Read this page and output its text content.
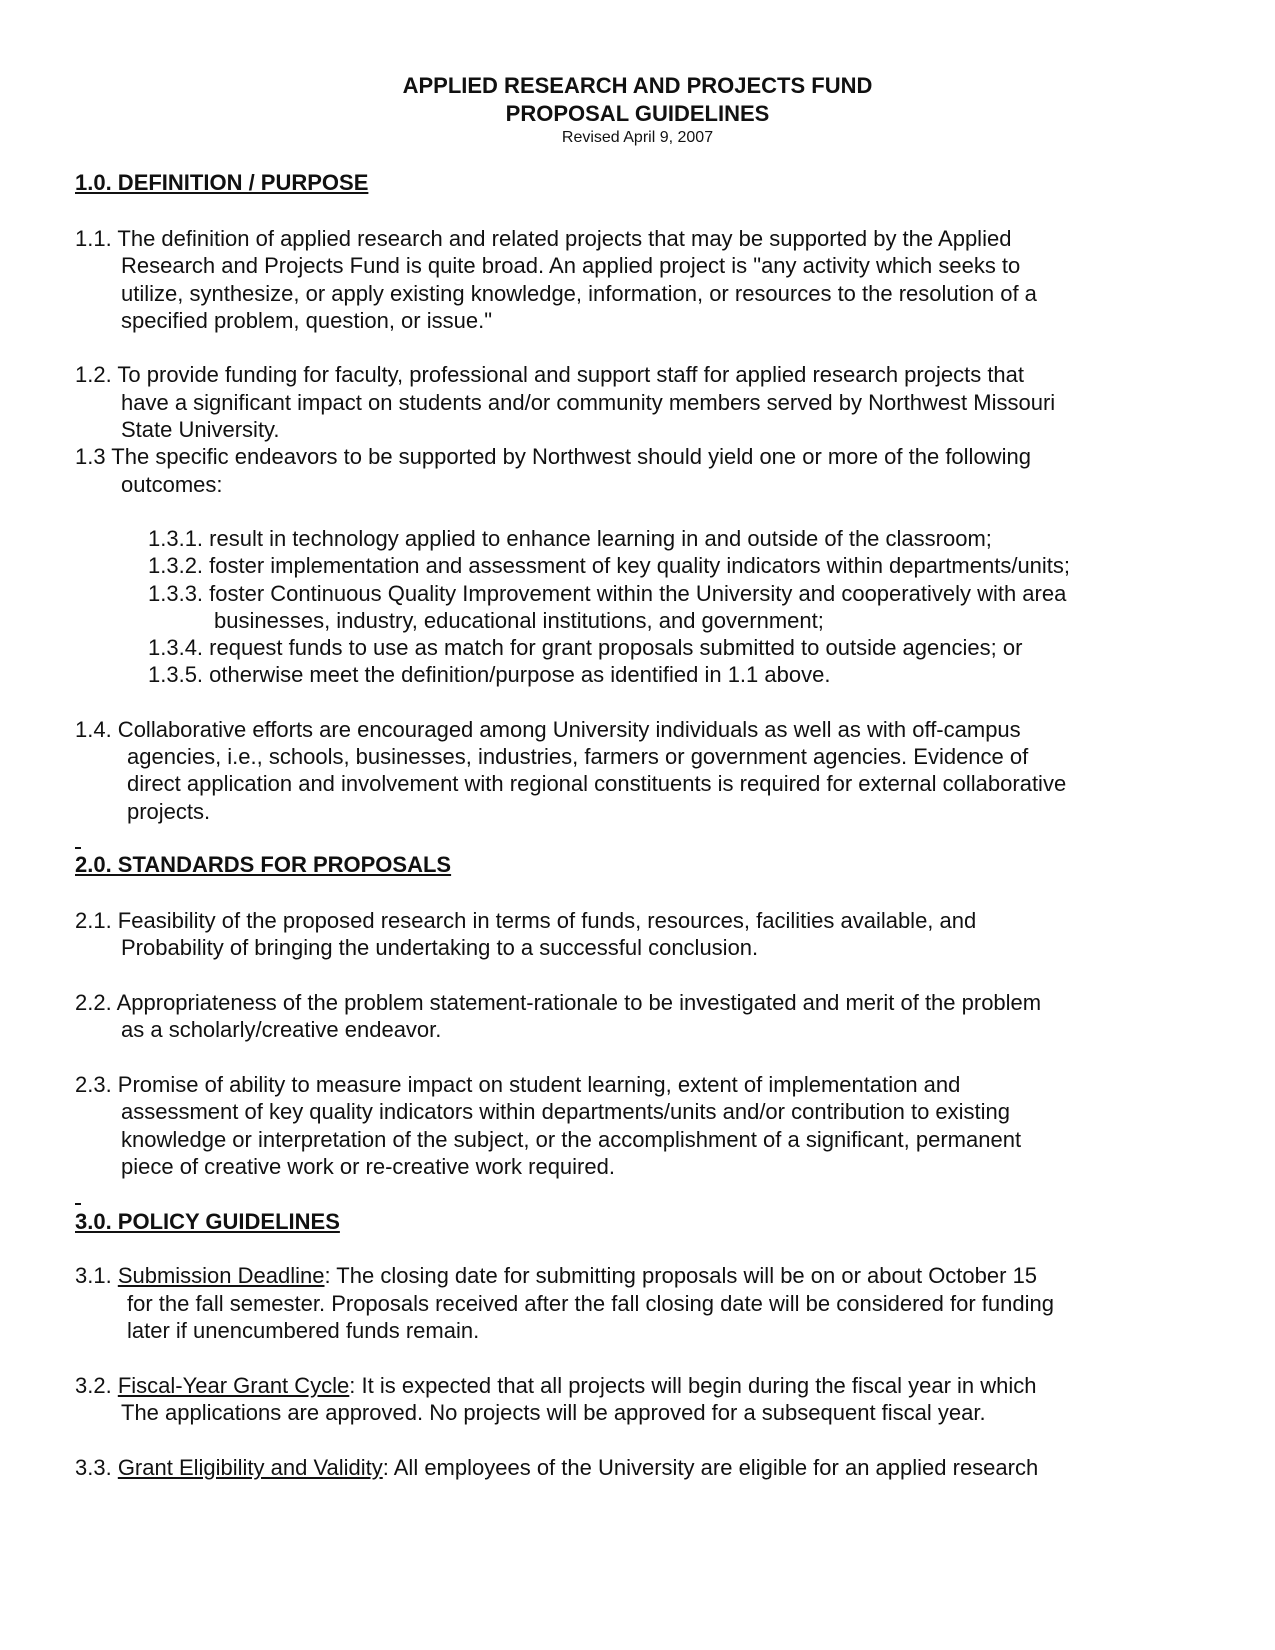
APPLIED RESEARCH AND PROJECTS FUND
PROPOSAL GUIDELINES
Revised April 9, 2007
1.0. DEFINITION / PURPOSE
1.1. The definition of applied research and related projects that may be supported by the Applied
Research and Projects Fund is quite broad. An applied project is "any activity which seeks to
utilize, synthesize, or apply existing knowledge, information, or resources to the resolution of a
specified problem, question, or issue."
1.2. To provide funding for faculty, professional and support staff for applied research projects that
have a significant impact on students and/or community members served by Northwest Missouri
State University.
1.3 The specific endeavors to be supported by Northwest should yield one or more of the following
outcomes:
1.3.1. result in technology applied to enhance learning in and outside of the classroom;
1.3.2. foster implementation and assessment of key quality indicators within departments/units;
1.3.3. foster Continuous Quality Improvement within the University and cooperatively with area
businesses, industry, educational institutions, and government;
1.3.4. request funds to use as match for grant proposals submitted to outside agencies; or
1.3.5. otherwise meet the definition/purpose as identified in 1.1 above.
1.4. Collaborative efforts are encouraged among University individuals as well as with off-campus
agencies, i.e., schools, businesses, industries, farmers or government agencies. Evidence of
direct application and involvement with regional constituents is required for external collaborative
projects.
2.0. STANDARDS FOR PROPOSALS
2.1. Feasibility of the proposed research in terms of funds, resources, facilities available, and
Probability of bringing the undertaking to a successful conclusion.
2.2. Appropriateness of the problem statement-rationale to be investigated and merit of the problem
as a scholarly/creative endeavor.
2.3. Promise of ability to measure impact on student learning, extent of implementation and
assessment of key quality indicators within departments/units and/or contribution to existing
knowledge or interpretation of the subject, or the accomplishment of a significant, permanent
piece of creative work or re-creative work required.
3.0. POLICY GUIDELINES
3.1. Submission Deadline: The closing date for submitting proposals will be on or about October 15
for the fall semester. Proposals received after the fall closing date will be considered for funding
later if unencumbered funds remain.
3.2. Fiscal-Year Grant Cycle: It is expected that all projects will begin during the fiscal year in which
The applications are approved. No projects will be approved for a subsequent fiscal year.
3.3. Grant Eligibility and Validity: All employees of the University are eligible for an applied research
